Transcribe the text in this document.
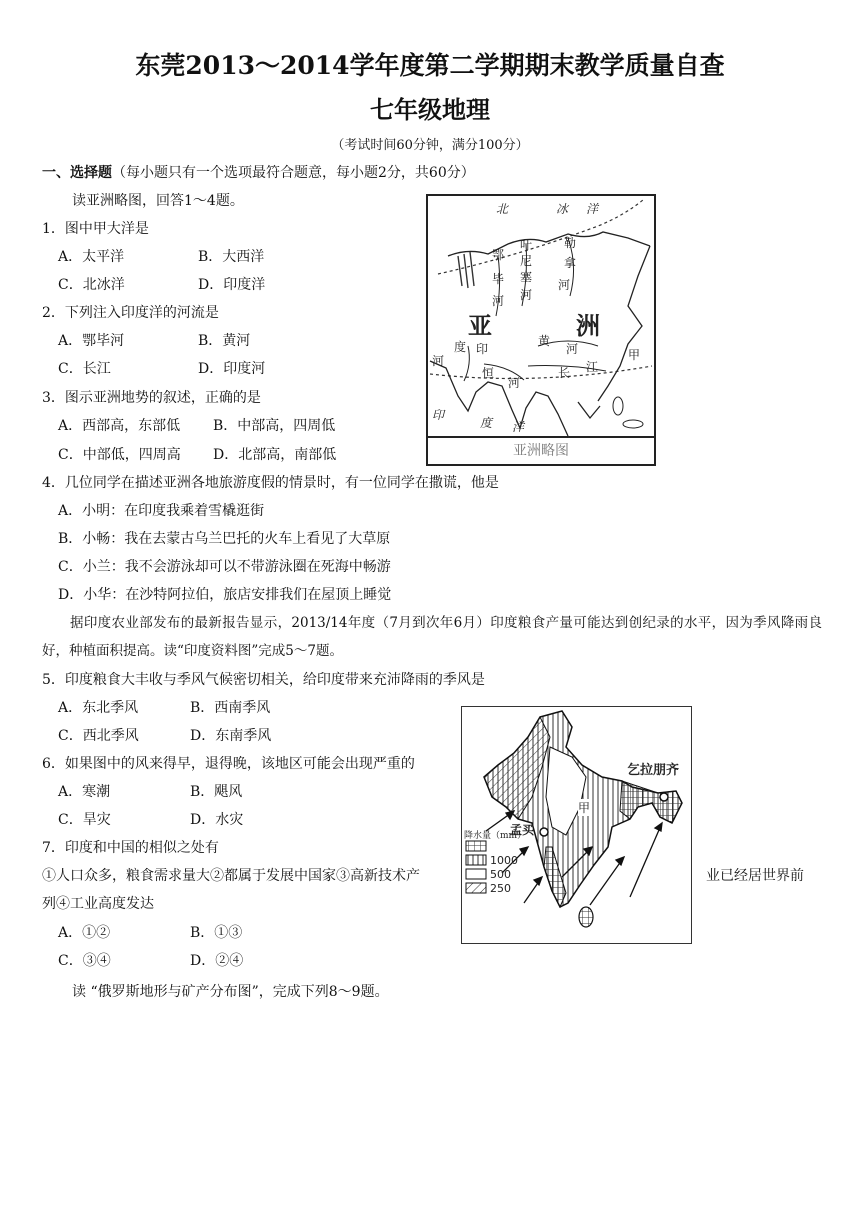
东莞2013～2014学年度第二学期期末教学质量自查
七年级地理
（考试时间60分钟，满分100分）
一、选择题（每小题只有一个选项最符合题意，每小题2分，共60分）
读亚洲略图，回答1～4题。
1．图中甲大洋是
A．太平洋	B．大西洋
C．北冰洋	D．印度洋
2．下列注入印度洋的河流是
A．鄂毕河	B．黄河
C．长江	D．印度河
3．图示亚洲地势的叙述，正确的是
A．西部高，东部低 B．中部高，四周低
C．中部低，四周高 D．北部高，南部低
4．几位同学在描述亚洲各地旅游度假的情景时，有一位同学在撒谎，他是
A．小明：在印度我乘着雪橇逛街
B．小畅：我在去蒙古乌兰巴托的火车上看见了大草原
C．小兰：我不会游泳却可以不带游泳圈在死海中畅游
D．小华：在沙特阿拉伯，旅店安排我们在屋顶上睡觉
据印度农业部发布的最新报告显示，2013/14年度（7月到次年6月）印度粮食产量可能达到创纪录的水平，因为季风降雨良好，种植面积提高。读“印度资料图”完成5～7题。
5．印度粮食大丰收与季风气候密切相关，给印度带来充沛降雨的季风是
A．东北季风	B．西南季风
C．西北季风	D．东南季风
6．如果图中的风来得早，退得晚，该地区可能会出现严重的
A．寒潮	B．飓风
C．旱灾	D．水灾
7．印度和中国的相似之处有
①人口众多，粮食需求量大②都属于发展中国家③高新技术产	业已经居世界前
列④工业高度发达
A．①②	B．①③
C．③④	D．②④
读 “俄罗斯地形与矿产分布图”，完成下列8～9题。
北	冰 洋
叶
尼
塞
河
勒
拿
河
鄂
毕
河
亚	洲
黄
河
长 江
甲
河
度 印
恒
河
印
度 洋
亚洲略图
乞拉朋齐
孟买
甲
降水量（mm）
1000
500
250
